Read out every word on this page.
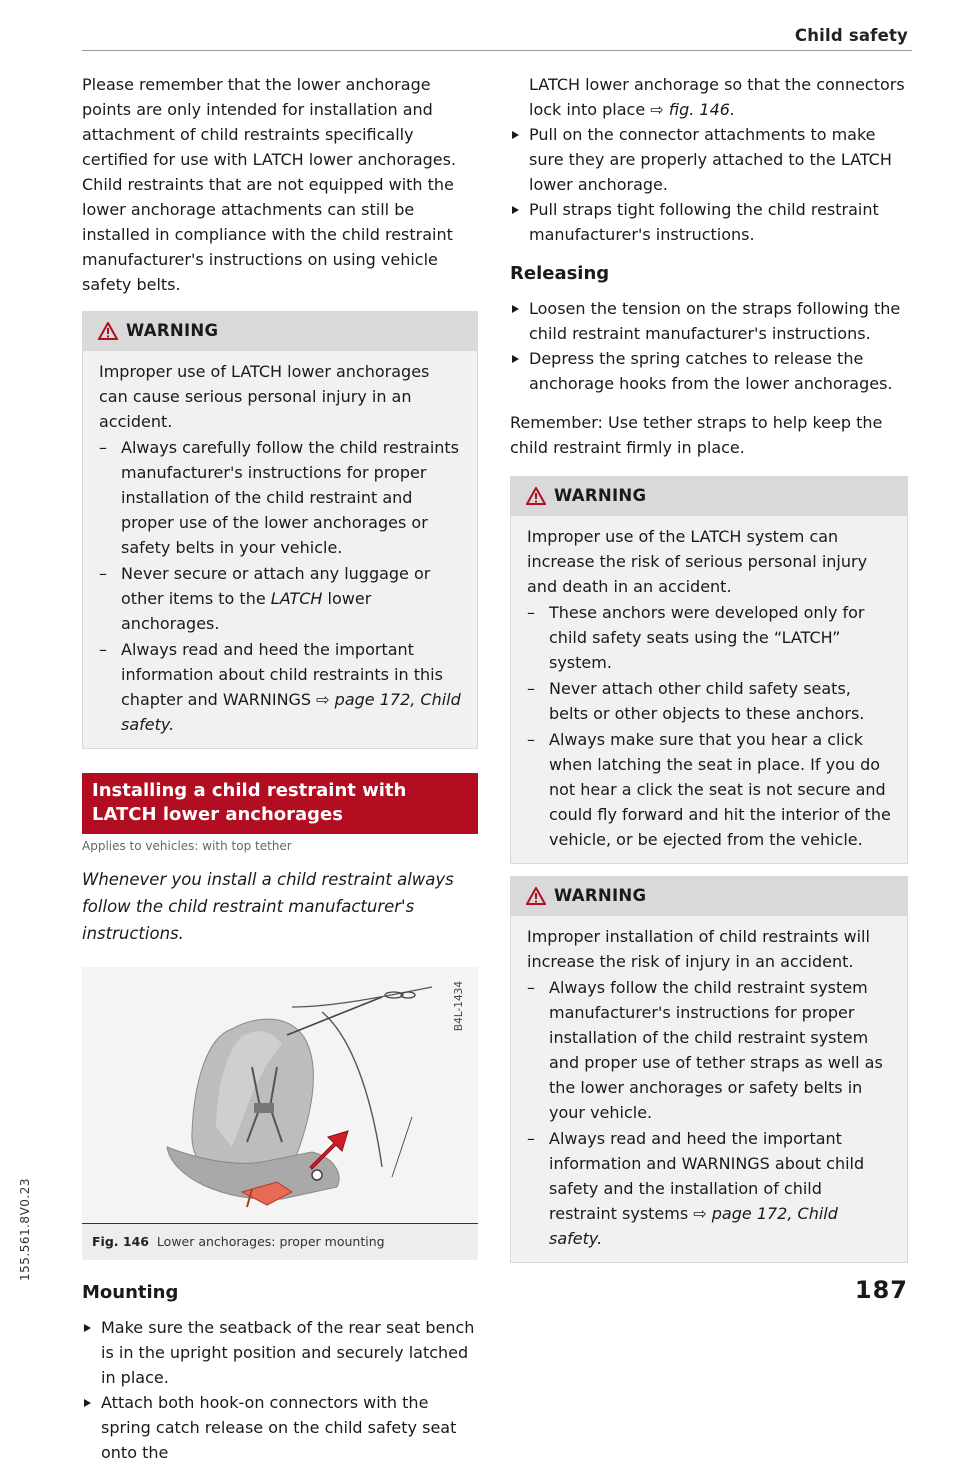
Child safety

Please remember that the lower anchorage points are only intended for installation and attachment of child restraints specifically certified for use with LATCH lower anchorages. Child restraints that are not equipped with the lower anchorage attachments can still be installed in compliance with the child restraint manufacturer's instructions on using vehicle safety belts.

WARNING

Improper use of LATCH lower anchorages can cause serious personal injury in an accident.

– Always carefully follow the child restraints manufacturer's instructions for proper installation of the child restraint and proper use of the lower anchorages or safety belts in your vehicle.

– Never secure or attach any luggage or other items to the LATCH lower anchorages.

– Always read and heed the important information about child restraints in this chapter and WARNINGS ⇨ page 172, Child safety.

Installing a child restraint with LATCH lower anchorages
Applies to vehicles: with top tether

Whenever you install a child restraint always follow the child restraint manufacturer's instructions.

B4L-1434
Fig. 146 Lower anchorages: proper mounting
Mounting

Make sure the seatback of the rear seat bench is in the upright position and securely latched in place.

Attach both hook-on connectors with the spring catch release on the child safety seat onto the

LATCH lower anchorage so that the connectors lock into place ⇨ fig. 146.

Pull on the connector attachments to make sure they are properly attached to the LATCH lower anchorage.

Pull straps tight following the child restraint manufacturer's instructions.

Releasing

Loosen the tension on the straps following the child restraint manufacturer's instructions.

Depress the spring catches to release the anchorage hooks from the lower anchorages.

Remember: Use tether straps to help keep the child restraint firmly in place.

WARNING

Improper use of the LATCH system can increase the risk of serious personal injury and death in an accident.

– These anchors were developed only for child safety seats using the “LATCH” system.

– Never attach other child safety seats, belts or other objects to these anchors.

– Always make sure that you hear a click when latching the seat in place. If you do not hear a click the seat is not secure and could fly forward and hit the interior of the vehicle, or be ejected from the vehicle.

WARNING

Improper installation of child restraints will increase the risk of injury in an accident.

– Always follow the child restraint system manufacturer's instructions for proper installation of the child restraint system and proper use of tether straps as well as the lower anchorages or safety belts in your vehicle.

– Always read and heed the important information and WARNINGS about child safety and the installation of child restraint systems ⇨ page 172, Child safety.

187
155.561.8V0.23
